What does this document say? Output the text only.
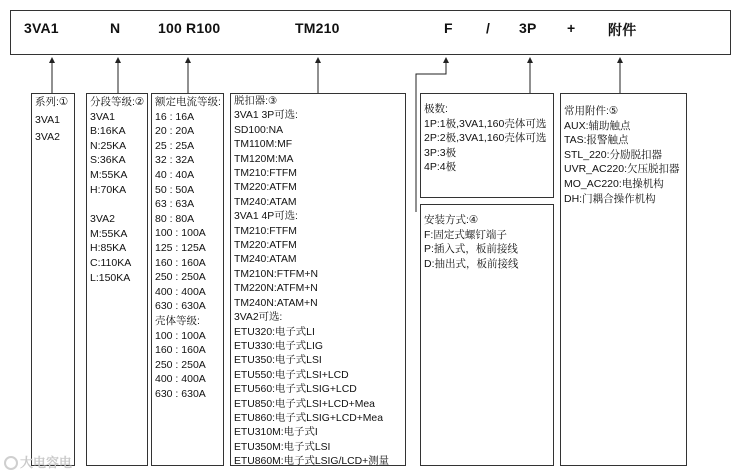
3VA1	N	100 R100	TM210	F / 3P + 附件
系列:①
3VA1
3VA2
分段等级:②
3VA1
B:16KA
N:25KA
S:36KA
M:55KA
H:70KA
3VA2
M:55KA
H:85KA
C:110KA
L:150KA
额定电流等级:
16 : 16A
20 : 20A
25 : 25A
32 : 32A
40 : 40A
50 : 50A
63 : 63A
80 : 80A
100 : 100A
125 : 125A
160 : 160A
250 : 250A
400 : 400A
630 : 630A
壳体等级:
100 : 100A
160 : 160A
250 : 250A
400 : 400A
630 : 630A
脱扣器:③
3VA1 3P可选:
SD100:NA
TM110M:MF
TM120M:MA
TM210:FTFM
TM220:ATFM
TM240:ATAM
3VA1 4P可选:
TM210:FTFM
TM220:ATFM
TM240:ATAM
TM210N:FTFM+N
TM220N:ATFM+N
TM240N:ATAM+N
3VA2可选:
ETU320:电子式LI
ETU330:电子式LIG
ETU350:电子式LSI
ETU550:电子式LSI+LCD
ETU560:电子式LSIG+LCD
ETU850:电子式LSI+LCD+Mea
ETU860:电子式LSIG+LCD+Mea
ETU310M:电子式I
ETU350M:电子式LSI
ETU860M:电子式LSIG/LCD+测量
极数:
1P:1极,3VA1,160壳体可选
2P:2极,3VA1,160壳体可选
3P:3极
4P:4极
安装方式:④
F:固定式螺钉端子
P:插入式，板前接线
D:抽出式，板前接线
常用附件:⑤
AUX:辅助触点
TAS:报警触点
STL_220:分励脱扣器
UVR_AC220:欠压脱扣器
MO_AC220:电操机构
DH:门耦合操作机构
大电容电
